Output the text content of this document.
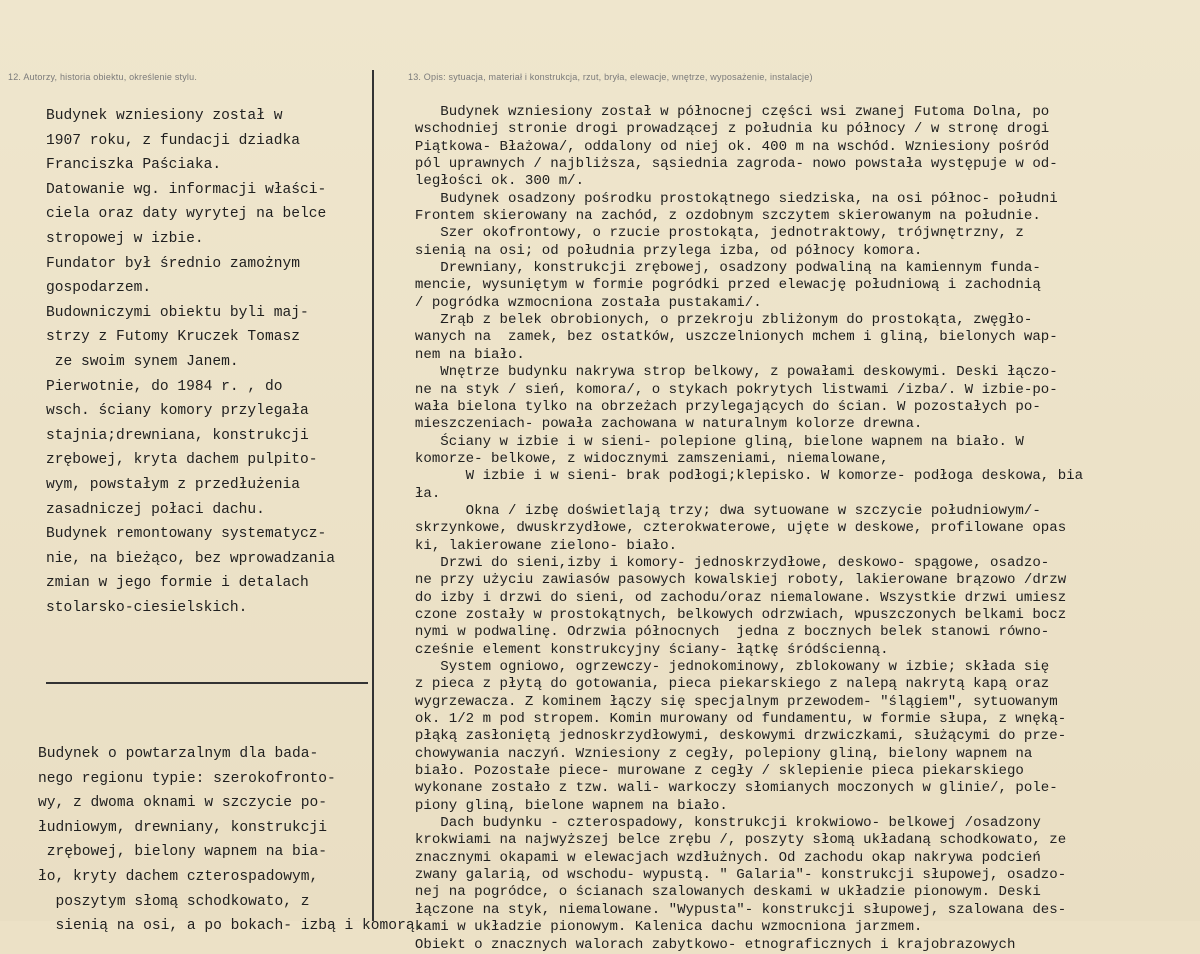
12. Autorzy, historia obiektu, określenie stylu.	13. Opis: sytuacja, materiał i konstrukcja, rzut, bryła, elewacje, wnętrze, wyposażenie, instalacje)
Budynek wzniesiony został w
1907 roku, z fundacji dziadka
Franciszka Paściaka.
Datowanie wg. informacji właści-
ciela oraz daty wyrytej na belce
stropowej w izbie.
Fundator był średnio zamożnym
gospodarzem.
Budowniczymi obiektu byli maj-
strzy z Futomy Kruczek Tomasz
ze swoim synem Janem.
Pierwotnie, do 1984 r. , do
wsch. ściany komory przylegała
stajnia;drewniana, konstrukcji
zrębowej, kryta dachem pulpito-
wym, powstałym z przedłużenia
zasadniczej połaci dachu.
Budynek remontowany systematycz-
nie, na bieżąco, bez wprowadzania
zmian w jego formie i detalach
stolarsko-ciesielskich.
Budynek o powtarzalnym dla bada-
nego regionu typie: szerokofronto-
wy, z dwoma oknami w szczycie po-
łudniowym, drewniany, konstrukcji
zrębowej, bielony wapnem na bia-
ło, kryty dachem czterospadowym,
poszytym słomą schodkowato, z
sienią na osi, a po bokach- izbą i komorą.
Budynek wzniesiony został w północnej części wsi zwanej Futoma Dolna, po
wschodniej stronie drogi prowadzącej z południa ku północy / w stronę drogi
Piątkowa- Błażowa/, oddalony od niej ok. 400 m na wschód. Wzniesiony pośród
pól uprawnych / najbliższa, sąsiednia zagroda- nowo powstała występuje w od-
ległości ok. 300 m/.
Budynek osadzony pośrodku prostokątnego siedziska, na osi północ- południ
Frontem skierowany na zachód, z ozdobnym szczytem skierowanym na południe.
Szer okofrontowy, o rzucie prostokąta, jednotraktowy, trójwnętrzny, z
sienią na osi; od południa przylega izba, od północy komora.
Drewniany, konstrukcji zrębowej, osadzony podwaliną na kamiennym funda-
mencie, wysuniętym w formie pogródki przed elewację południową i zachodnią
/ pogródka wzmocniona została pustakami/.
Zrąb z belek obrobionych, o przekroju zbliżonym do prostokąta, zwęgło-
wanych na  zamek, bez ostatków, uszczelnionych mchem i gliną, bielonych wap-
nem na biało.
Wnętrze budynku nakrywa strop belkowy, z powałami deskowymi. Deski łączo-
ne na styk / sień, komora/, o stykach pokrytych listwami /izba/. W izbie-po-
wała bielona tylko na obrzeżach przylegających do ścian. W pozostałych po-
mieszczeniach- powała zachowana w naturalnym kolorze drewna.
Ściany w izbie i w sieni- polepione gliną, bielone wapnem na biało. W
komorze- belkowe, z widocznymi zamszeniami, niemalowane,
W izbie i w sieni- brak podłogi;klepisko. W komorze- podłoga deskowa, bia
ła.
Okna / izbę doświetlają trzy; dwa sytuowane w szczycie południowym/-
skrzynkowe, dwuskrzydłowe, czterokwaterowe, ujęte w deskowe, profilowane opas
ki, lakierowane zielono- biało.
Drzwi do sieni,izby i komory- jednoskrzydłowe, deskowo- spągowe, osadzo-
ne przy użyciu zawiasów pasowych kowalskiej roboty, lakierowane brązowo /drzw
do izby i drzwi do sieni, od zachodu/oraz niemalowane. Wszystkie drzwi umiesz
czone zostały w prostokątnych, belkowych odrzwiach, wpuszczonych belkami bocz
nymi w podwalinę. Odrzwia północnych  jedna z bocznych belek stanowi równo-
cześnie element konstrukcyjny ściany- łątkę śródścienną.
System ogniowo, ogrzewczy- jednokominowy, zblokowany w izbie; składa się
z pieca z płytą do gotowania, pieca piekarskiego z nalepą nakrytą kapą oraz
wygrzewacza. Z kominem łączy się specjalnym przewodem- "ślągiem", sytuowanym
ok. 1/2 m pod stropem. Komin murowany od fundamentu, w formie słupa, z wnęką-
płąką zasłoniętą jednoskrzydłowymi, deskowymi drzwiczkami, służącymi do prze-
chowywania naczyń. Wzniesiony z cegły, polepiony gliną, bielony wapnem na
biało. Pozostałe piece- murowane z cegły / sklepienie pieca piekarskiego
wykonane zostało z tzw. wali- warkoczy słomianych moczonych w glinie/, pole-
piony gliną, bielone wapnem na biało.
Dach budynku - czterospadowy, konstrukcji krokwiowo- belkowej /osadzony
krokwiami na najwyższej belce zrębu /, poszyty słomą układaną schodkowato, ze
znacznymi okapami w elewacjach wzdłużnych. Od zachodu okap nakrywa podcień
zwany galarią, od wschodu- wypustą. " Galaria"- konstrukcji słupowej, osadzo-
nej na pogródce, o ścianach szalowanych deskami w układzie pionowym. Deski
łączone na styk, niemalowane. "Wypusta"- konstrukcji słupowej, szalowana des-
kami w układzie pionowym. Kalenica dachu wzmocniona jarzmem.
Obiekt o znacznych walorach zabytkowo- etnograficznych i krajobrazowych
